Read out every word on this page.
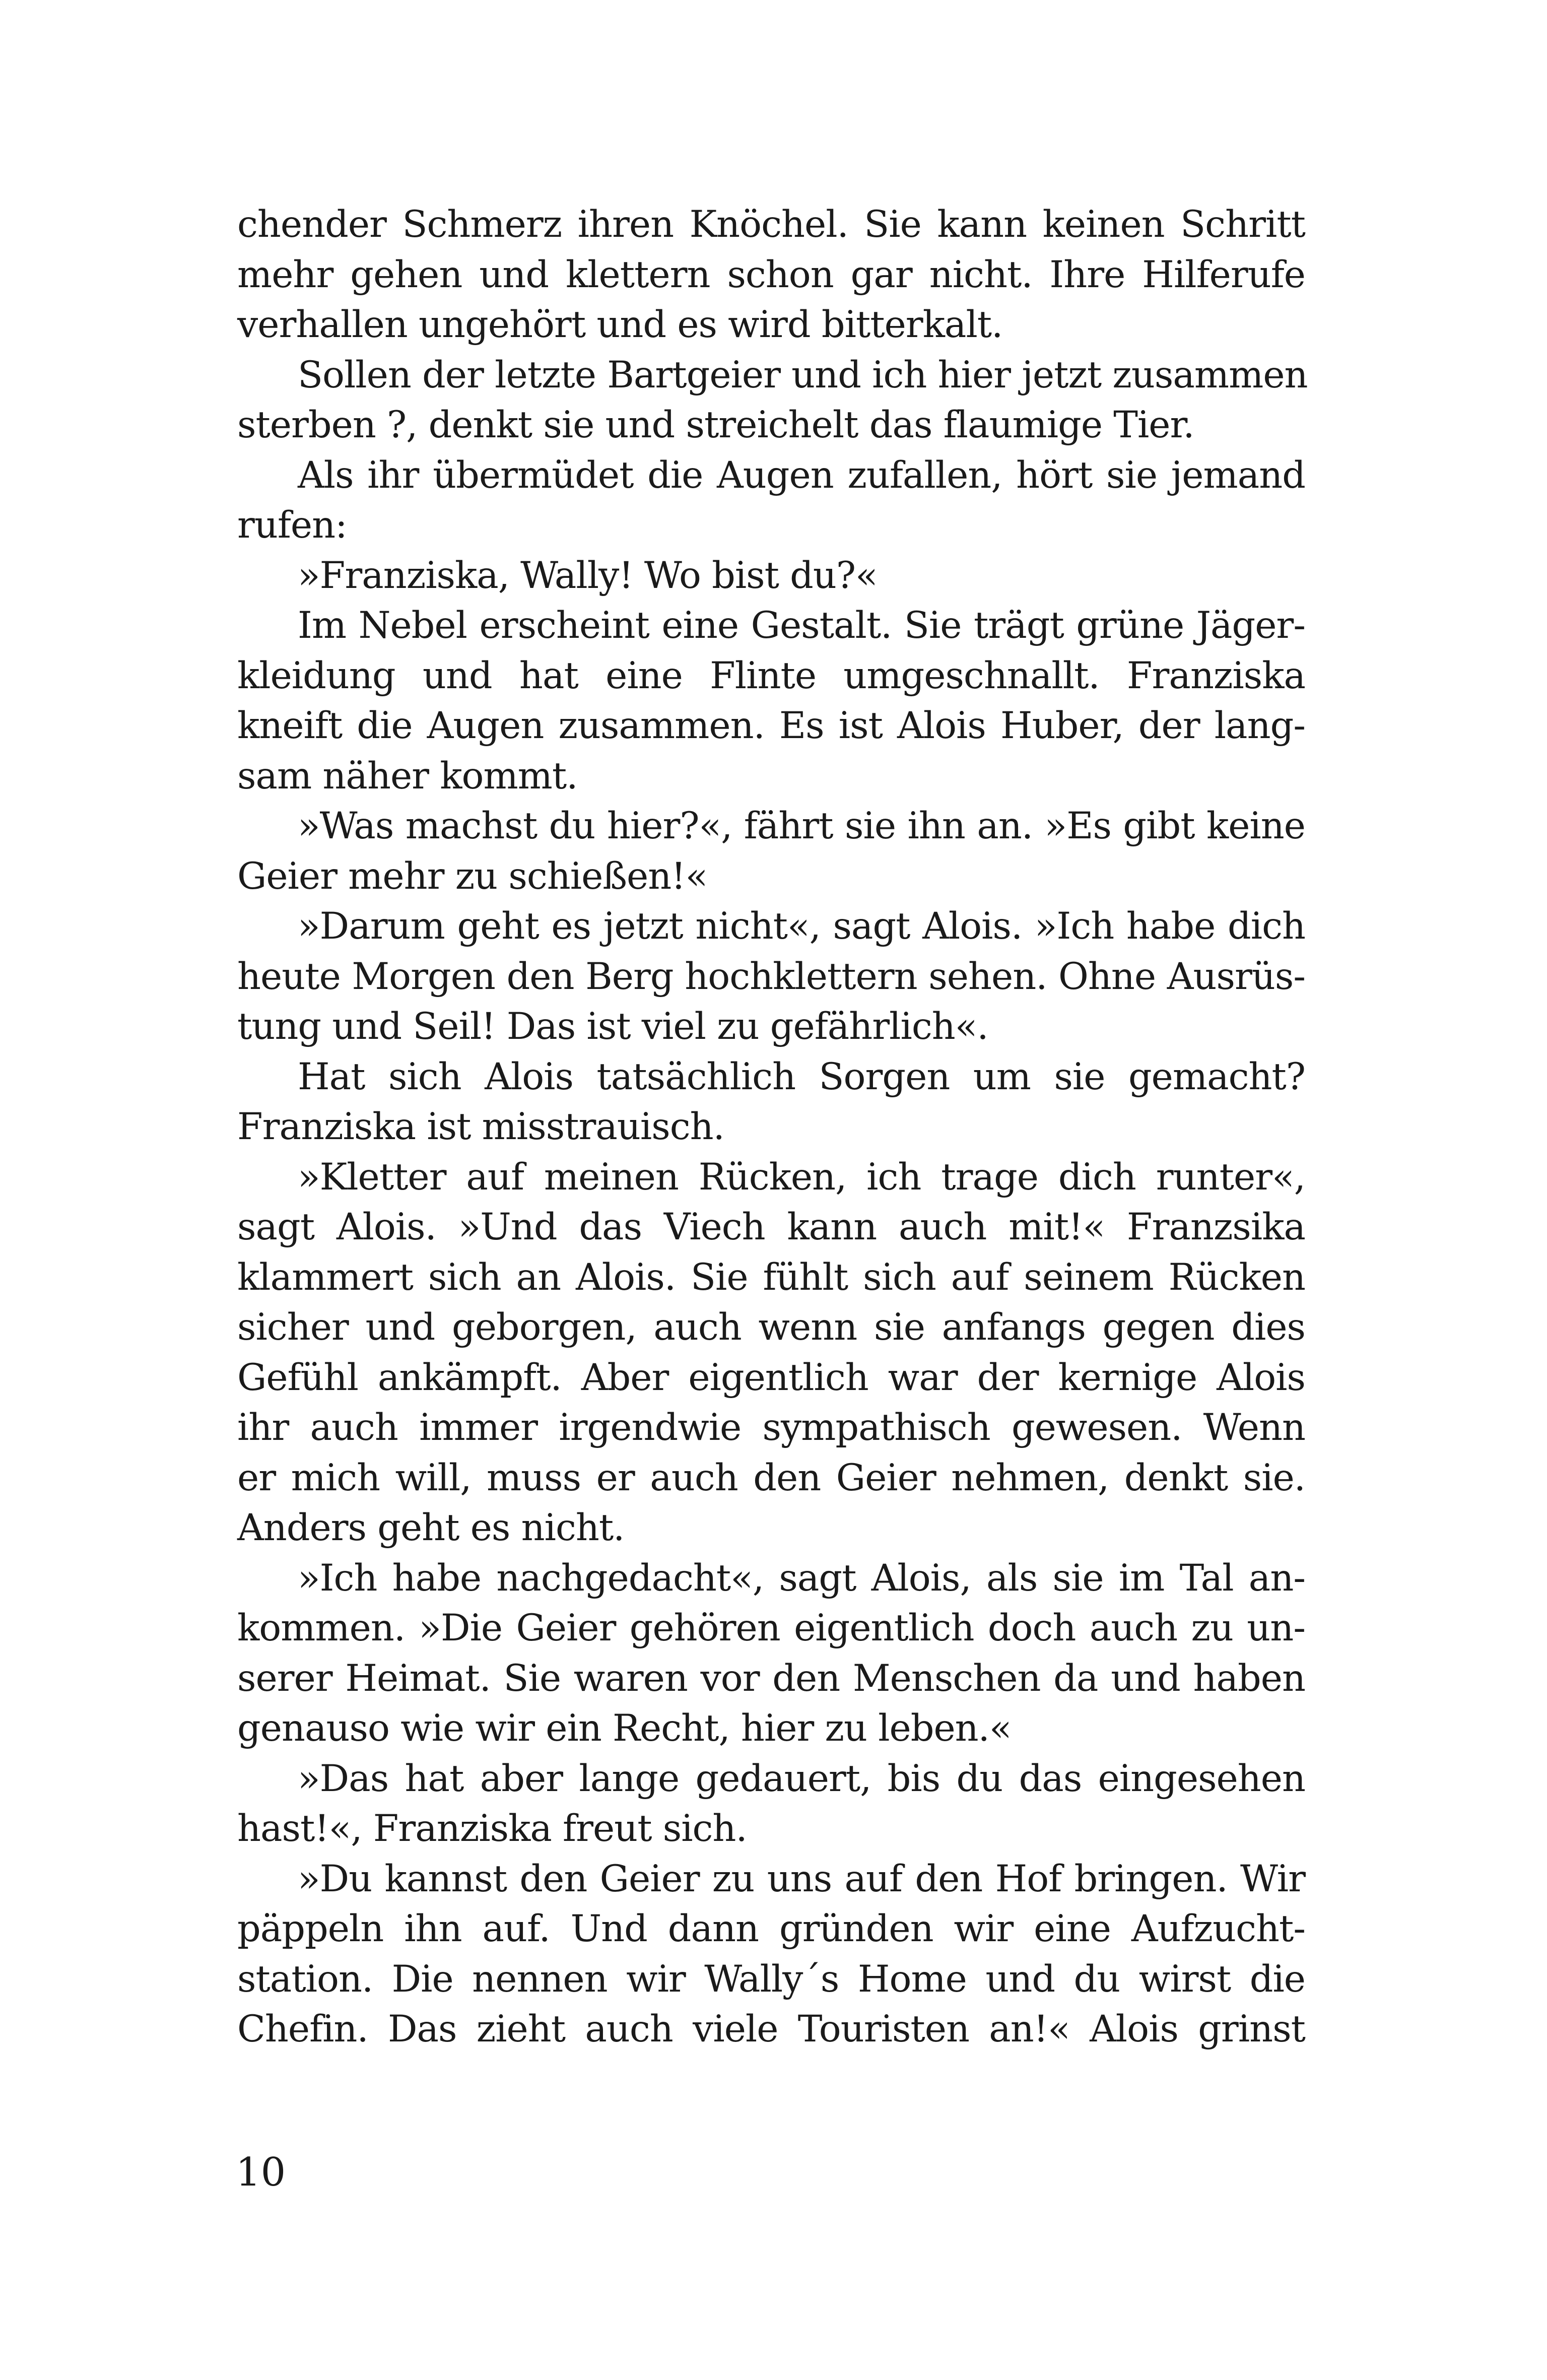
chender Schmerz ihren Knöchel. Sie kann keinen Schritt
mehr gehen und klettern schon gar nicht. Ihre Hilferufe
verhallen ungehört und es wird bitterkalt.
Sollen der letzte Bartgeier und ich hier jetzt zusammen
sterben ?, denkt sie und streichelt das flaumige Tier.
Als ihr übermüdet die Augen zufallen, hört sie jemand
rufen:
»Franziska, Wally! Wo bist du?«
Im Nebel erscheint eine Gestalt. Sie trägt grüne Jäger-
kleidung und hat eine Flinte umgeschnallt. Franziska
kneift die Augen zusammen. Es ist Alois Huber, der lang-
sam näher kommt.
»Was machst du hier?«, fährt sie ihn an. »Es gibt keine
Geier mehr zu schießen!«
»Darum geht es jetzt nicht«, sagt Alois. »Ich habe dich
heute Morgen den Berg hochklettern sehen. Ohne Ausrüs-
tung und Seil! Das ist viel zu gefährlich«.
Hat sich Alois tatsächlich Sorgen um sie gemacht?
Franziska ist misstrauisch.
»Kletter auf meinen Rücken, ich trage dich runter«,
sagt Alois. »Und das Viech kann auch mit!« Franzsika
klammert sich an Alois. Sie fühlt sich auf seinem Rücken
sicher und geborgen, auch wenn sie anfangs gegen dies
Gefühl ankämpft. Aber eigentlich war der kernige Alois
ihr auch immer irgendwie sympathisch gewesen. Wenn
er mich will, muss er auch den Geier nehmen, denkt sie.
Anders geht es nicht.
»Ich habe nachgedacht«, sagt Alois, als sie im Tal an-
kommen. »Die Geier gehören eigentlich doch auch zu un-
serer Heimat. Sie waren vor den Menschen da und haben
genauso wie wir ein Recht, hier zu leben.«
»Das hat aber lange gedauert, bis du das eingesehen
hast!«, Franziska freut sich.
»Du kannst den Geier zu uns auf den Hof bringen. Wir
päppeln ihn auf. Und dann gründen wir eine Aufzucht-
station. Die nennen wir Wally´s Home und du wirst die
Chefin. Das zieht auch viele Touristen an!« Alois grinst
10
